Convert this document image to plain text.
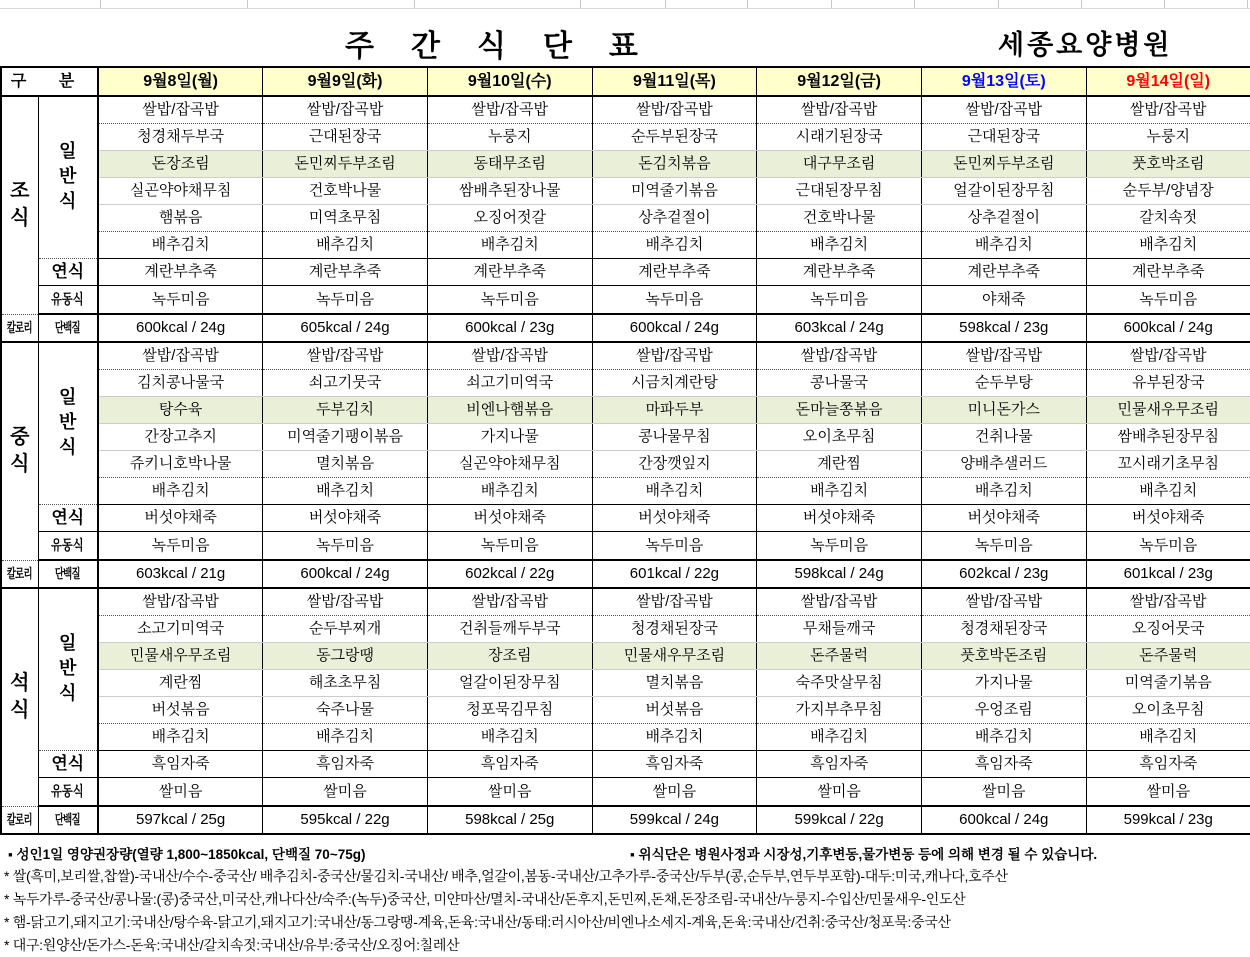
주간식단표	세종요양병원
구 분		9월8일(월)	9월9일(화)	9월10일(수)	9월11일(목)	9월12일(금)	9월13일(토)	9월14일(일)
조식	일반식	쌀밥/잡곡밥	쌀밥/잡곡밥	쌀밥/잡곡밥	쌀밥/잡곡밥	쌀밥/잡곡밥	쌀밥/잡곡밥	쌀밥/잡곡밥
		청경채두부국	근대된장국	누룽지	순두부된장국	시래기된장국	근대된장국	누룽지
		돈장조림	돈민찌두부조림	동태무조림	돈김치볶음	대구무조림	돈민찌두부조림	풋호박조림
		실곤약야채무침	건호박나물	쌈배추된장나물	미역줄기볶음	근대된장무침	얼갈이된장무침	순두부/양념장
		햄볶음	미역초무침	오징어젓갈	상추겉절이	건호박나물	상추겉절이	갈치속젓
		배추김치	배추김치	배추김치	배추김치	배추김치	배추김치	배추김치
	연식	계란부추죽	계란부추죽	계란부추죽	계란부추죽	계란부추죽	계란부추죽	계란부추죽
	유동식	녹두미음	녹두미음	녹두미음	녹두미음	녹두미음	야채죽	녹두미음
칼로리	단백질	600kcal / 24g	605kcal / 24g	600kcal / 23g	600kcal / 24g	603kcal / 24g	598kcal / 23g	600kcal / 24g
중식	일반식	쌀밥/잡곡밥	쌀밥/잡곡밥	쌀밥/잡곡밥	쌀밥/잡곡밥	쌀밥/잡곡밥	쌀밥/잡곡밥	쌀밥/잡곡밥
		김치콩나물국	쇠고기뭇국	쇠고기미역국	시금치계란탕	콩나물국	순두부탕	유부된장국
		탕수육	두부김치	비엔나햄볶음	마파두부	돈마늘쫑볶음	미니돈가스	민물새우무조림
		간장고추지	미역줄기팽이볶음	가지나물	콩나물무침	오이초무침	건취나물	쌈배추된장무침
		쥬키니호박나물	멸치볶음	실곤약야채무침	간장깻잎지	계란찜	양배추샐러드	꼬시래기초무침
		배추김치	배추김치	배추김치	배추김치	배추김치	배추김치	배추김치
	연식	버섯야채죽	버섯야채죽	버섯야채죽	버섯야채죽	버섯야채죽	버섯야채죽	버섯야채죽
	유동식	녹두미음	녹두미음	녹두미음	녹두미음	녹두미음	녹두미음	녹두미음
칼로리	단백질	603kcal / 21g	600kcal / 24g	602kcal / 22g	601kcal / 22g	598kcal / 24g	602kcal / 23g	601kcal / 23g
석식	일반식	쌀밥/잡곡밥	쌀밥/잡곡밥	쌀밥/잡곡밥	쌀밥/잡곡밥	쌀밥/잡곡밥	쌀밥/잡곡밥	쌀밥/잡곡밥
		소고기미역국	순두부찌개	건취들깨두부국	청경채된장국	무채들깨국	청경채된장국	오징어뭇국
		민물새우무조림	동그랑땡	장조림	민물새우무조림	돈주물럭	풋호박돈조림	돈주물럭
		계란찜	해초초무침	얼갈이된장무침	멸치볶음	숙주맛살무침	가지나물	미역줄기볶음
		버섯볶음	숙주나물	청포묵김무침	버섯볶음	가지부추무침	우엉조림	오이초무침
		배추김치	배추김치	배추김치	배추김치	배추김치	배추김치	배추김치
	연식	흑임자죽	흑임자죽	흑임자죽	흑임자죽	흑임자죽	흑임자죽	흑임자죽
	유동식	쌀미음	쌀미음	쌀미음	쌀미음	쌀미음	쌀미음	쌀미음
칼로리	단백질	597kcal / 25g	595kcal / 22g	598kcal / 25g	599kcal / 24g	599kcal / 22g	600kcal / 24g	599kcal / 23g
▪ 성인1일 영양권장량(열량 1,800~1850kcal, 단백질 70~75g)	▪ 위식단은 병원사정과 시장성,기후변동,물가변동 등에 의해 변경 될 수 있습니다.
* 쌀(흑미,보리쌀,찹쌀)-국내산/수수-중국산/ 배추김치-중국산/물김치-국내산/ 배추,얼갈이,봄동-국내산/고추가루-중국산/두부(콩,순두부,연두부포함)-대두:미국,캐나다,호주산
* 녹두가루-중국산/콩나물:(콩)중국산,미국산,캐나다산/숙주:(녹두)중국산, 미얀마산/멸치-국내산/돈후지,돈민찌,돈채,돈장조림-국내산/누룽지-수입산/민물새우-인도산
* 햄-닭고기,돼지고기:국내산/탕수육-닭고기,돼지고기:국내산/동그랑땡-계육,돈육:국내산/동태:러시아산/비엔나소세지-계육,돈육:국내산/건취:중국산/청포묵:중국산
* 대구:원양산/돈가스-돈육:국내산/갈치속젓:국내산/유부:중국산/오징어:칠레산
